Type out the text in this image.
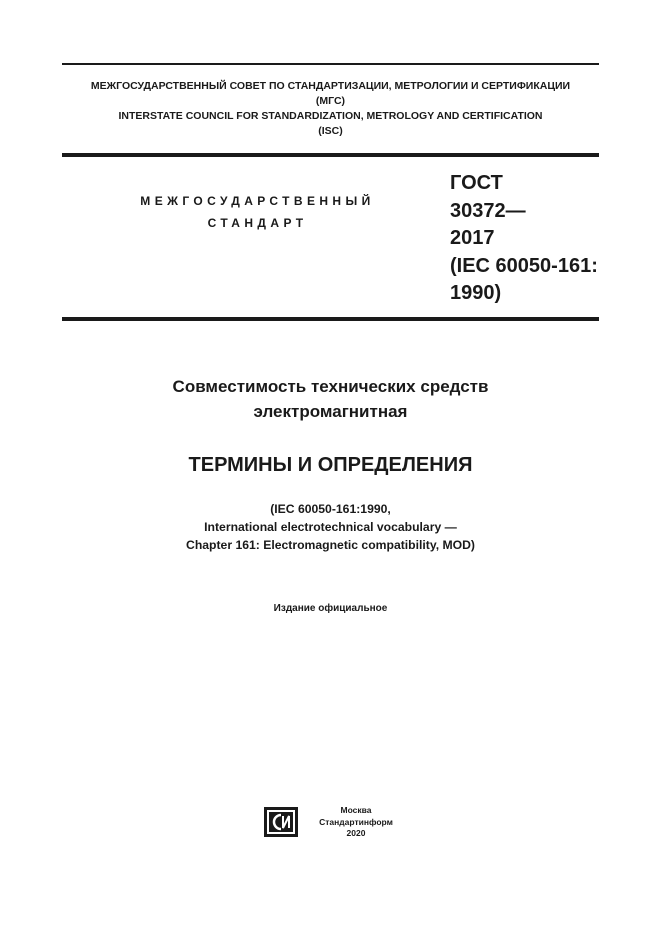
МЕЖГОСУДАРСТВЕННЫЙ СОВЕТ ПО СТАНДАРТИЗАЦИИ, МЕТРОЛОГИИ И СЕРТИФИКАЦИИ
(МГС)
INTERSTATE COUNCIL FOR STANDARDIZATION, METROLOGY AND CERTIFICATION
(ISC)
МЕЖГОСУДАРСТВЕННЫЙ
СТАНДАРТ
ГОСТ
30372—
2017
(IEC 60050-161:
1990)
Совместимость технических средств
электромагнитная
ТЕРМИНЫ И ОПРЕДЕЛЕНИЯ
(IEC 60050-161:1990,
International electrotechnical vocabulary —
Chapter 161: Electromagnetic compatibility, MOD)
Издание официальное
Москва
Стандартинформ
2020
